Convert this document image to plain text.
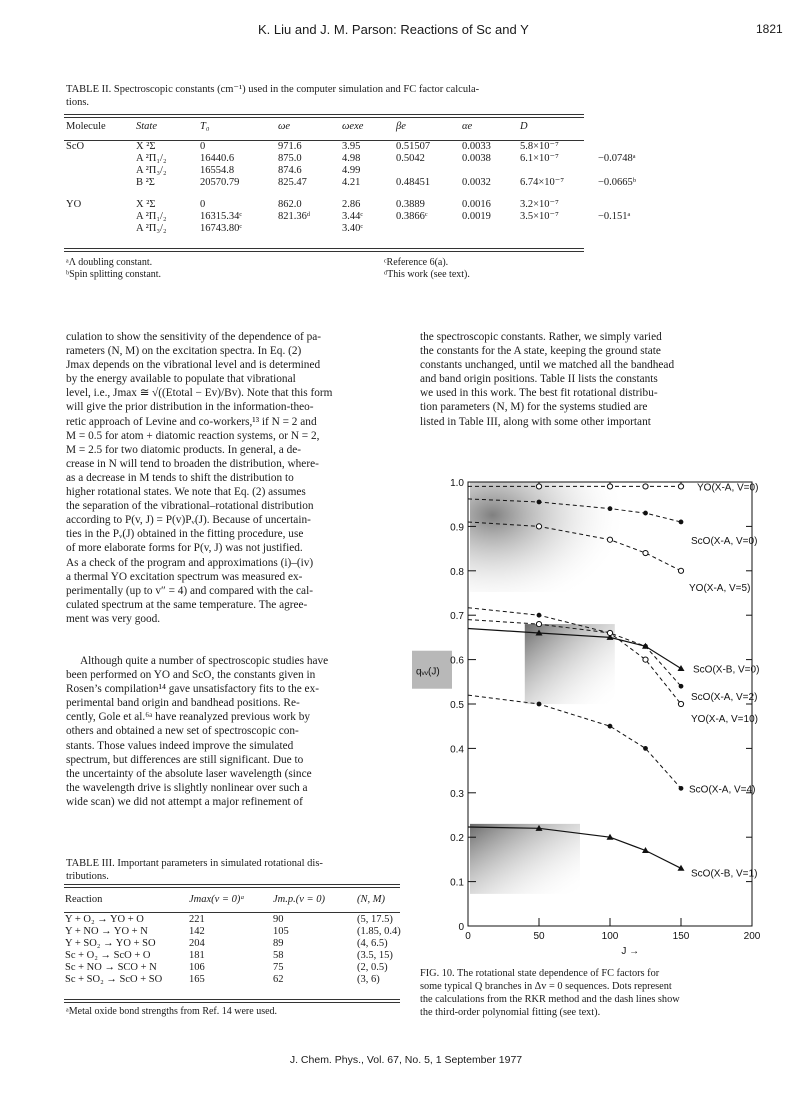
K. Liu and J. M. Parson: Reactions of Sc and Y	1821
TABLE II. Spectroscopic constants (cm⁻¹) used in the computer simulation and FC factor calcula-
tions.
Molecule	State	T₀	ωe	ωexe	βe	αe	D	

ScO	X ²Σ	0	971.6	3.95	0.51507	0.0033	5.8×10⁻⁷	
	A ²Π₁/₂	16440.6	875.0	4.98	0.5042	0.0038	6.1×10⁻⁷	−0.0748ᵃ
	A ²Π₃/₂	16554.8	874.6	4.99				
	B ²Σ	20570.79	825.47	4.21	0.48451	0.0032	6.74×10⁻⁷	−0.0665ᵇ

YO	X ²Σ	0	862.0	2.86	0.3889	0.0016	3.2×10⁻⁷	
	A ²Π₁/₂	16315.34ᶜ	821.36ᵈ	3.44ᶜ	0.3866ᶜ	0.0019	3.5×10⁻⁷	−0.151ᵃ
	A ²Π₃/₂	16743.80ᶜ		3.40ᶜ				
ᵃΛ doubling constant.
ᵇSpin splitting constant.
ᶜReference 6(a).
ᵈThis work (see text).
culation to show the sensitivity of the dependence of pa-
rameters (N, M) on the excitation spectra. In Eq. (2)
Jmax depends on the vibrational level and is determined
by the energy available to populate that vibrational
level, i.e., Jmax ≅ √((Etotal − Ev)/Bv). Note that this form
will give the prior distribution in the information-theo-
retic approach of Levine and co-workers,¹³ if N = 2 and
M = 0.5 for atom + diatomic reaction systems, or N = 2,
M = 2.5 for two diatomic products. In general, a de-
crease in N will tend to broaden the distribution, where-
as a decrease in M tends to shift the distribution to
higher rotational states. We note that Eq. (2) assumes
the separation of the vibrational–rotational distribution
according to P(v, J) = P(v)Pᵥ(J). Because of uncertain-
ties in the Pᵥ(J) obtained in the fitting procedure, use
of more elaborate forms for P(v, J) was not justified.
As a check of the program and approximations (i)–(iv)
a thermal YO excitation spectrum was measured ex-
perimentally (up to v″ = 4) and compared with the cal-
culated spectrum at the same temperature. The agree-
ment was very good.
Although quite a number of spectroscopic studies have
been performed on YO and ScO, the constants given in
Rosen’s compilation¹⁴ gave unsatisfactory fits to the ex-
perimental band origin and bandhead positions. Re-
cently, Gole et al.⁶ᵃ have reanalyzed previous work by
others and obtained a new set of spectroscopic con-
stants. Those values indeed improve the simulated
spectrum, but differences are still significant. Due to
the uncertainty of the absolute laser wavelength (since
the wavelength drive is slightly nonlinear over such a
wide scan) we did not attempt a major refinement of
the spectroscopic constants. Rather, we simply varied
the constants for the A state, keeping the ground state
constants unchanged, until we matched all the bandhead
and band origin positions. Table II lists the constants
we used in this work. The best fit rotational distribu-
tion parameters (N, M) for the systems studied are
listed in Table III, along with some other important
TABLE III. Important parameters in simulated rotational dis-
tributions.
Reaction	Jmax(v = 0)ᵃ	Jm.p.(v = 0)	(N, M)

Y + O₂ → YO + O	221	90	(5, 17.5)
Y + NO → YO + N	142	105	(1.85, 0.4)
Y + SO₂ → YO + SO	204	89	(4, 6.5)
Sc + O₂ → ScO + O	181	58	(3.5, 15)
Sc + NO → SCO + N	106	75	(2, 0.5)
Sc + SO₂ → ScO + SO	165	62	(3, 6)
ᵃMetal oxide bond strengths from Ref. 14 were used.
0
0.1
0.2
0.3
0.4
0.5
0.6
0.7
0.8
0.9
1.0
0	50	100	150	200
qᵥᵥ(J)
J →
YO(X-A, V=0)
ScO(X-A, V=0)
YO(X-A, V=5)
ScO(X-B, V=0)
ScO(X-A, V=2)
YO(X-A, V=10)
ScO(X-A, V=4)
ScO(X-B, V=1)
FIG. 10. The rotational state dependence of FC factors for
some typical Q branches in Δv = 0 sequences. Dots represent
the calculations from the RKR method and the dash lines show
the third-order polynomial fitting (see text).
J. Chem. Phys., Vol. 67, No. 5, 1 September 1977
